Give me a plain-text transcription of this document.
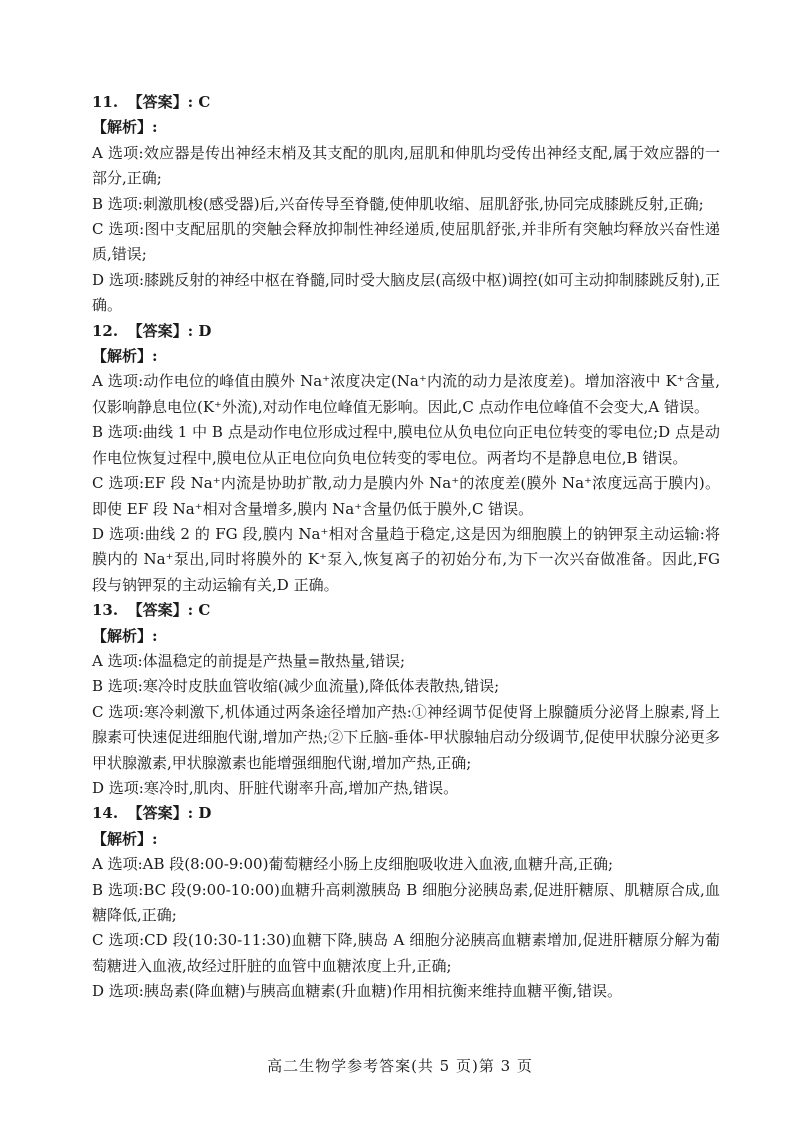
11. 【答案】: C

【解析】:

A 选项:效应器是传出神经末梢及其支配的肌肉,屈肌和伸肌均受传出神经支配,属于效应器的一部分,正确;

B 选项:刺激肌梭(感受器)后,兴奋传导至脊髓,使伸肌收缩、屈肌舒张,协同完成膝跳反射,正确;

C 选项:图中支配屈肌的突触会释放抑制性神经递质,使屈肌舒张,并非所有突触均释放兴奋性递质,错误;

D 选项:膝跳反射的神经中枢在脊髓,同时受大脑皮层(高级中枢)调控(如可主动抑制膝跳反射),正确。

12. 【答案】: D

【解析】:

A 选项:动作电位的峰值由膜外 Na⁺浓度决定(Na⁺内流的动力是浓度差)。增加溶液中 K⁺含量,仅影响静息电位(K⁺外流),对动作电位峰值无影响。因此,C 点动作电位峰值不会变大,A 错误。

B 选项:曲线 1 中 B 点是动作电位形成过程中,膜电位从负电位向正电位转变的零电位;D 点是动作电位恢复过程中,膜电位从正电位向负电位转变的零电位。两者均不是静息电位,B 错误。

C 选项:EF 段 Na⁺内流是协助扩散,动力是膜内外 Na⁺的浓度差(膜外 Na⁺浓度远高于膜内)。即使 EF 段 Na⁺相对含量增多,膜内 Na⁺含量仍低于膜外,C 错误。

D 选项:曲线 2 的 FG 段,膜内 Na⁺相对含量趋于稳定,这是因为细胞膜上的钠钾泵主动运输:将膜内的 Na⁺泵出,同时将膜外的 K⁺泵入,恢复离子的初始分布,为下一次兴奋做准备。因此,FG 段与钠钾泵的主动运输有关,D 正确。

13. 【答案】: C

【解析】:

A 选项:体温稳定的前提是产热量=散热量,错误;

B 选项:寒冷时皮肤血管收缩(减少血流量),降低体表散热,错误;

C 选项:寒冷刺激下,机体通过两条途径增加产热:①神经调节促使肾上腺髓质分泌肾上腺素,肾上腺素可快速促进细胞代谢,增加产热;②下丘脑-垂体-甲状腺轴启动分级调节,促使甲状腺分泌更多甲状腺激素,甲状腺激素也能增强细胞代谢,增加产热,正确;

D 选项:寒冷时,肌肉、肝脏代谢率升高,增加产热,错误。

14. 【答案】: D

【解析】:

A 选项:AB 段(8:00-9:00)葡萄糖经小肠上皮细胞吸收进入血液,血糖升高,正确;

B 选项:BC 段(9:00-10:00)血糖升高刺激胰岛 B 细胞分泌胰岛素,促进肝糖原、肌糖原合成,血糖降低,正确;

C 选项:CD 段(10:30-11:30)血糖下降,胰岛 A 细胞分泌胰高血糖素增加,促进肝糖原分解为葡萄糖进入血液,故经过肝脏的血管中血糖浓度上升,正确;

D 选项:胰岛素(降血糖)与胰高血糖素(升血糖)作用相抗衡来维持血糖平衡,错误。

高二生物学参考答案(共 5 页)第 3 页
